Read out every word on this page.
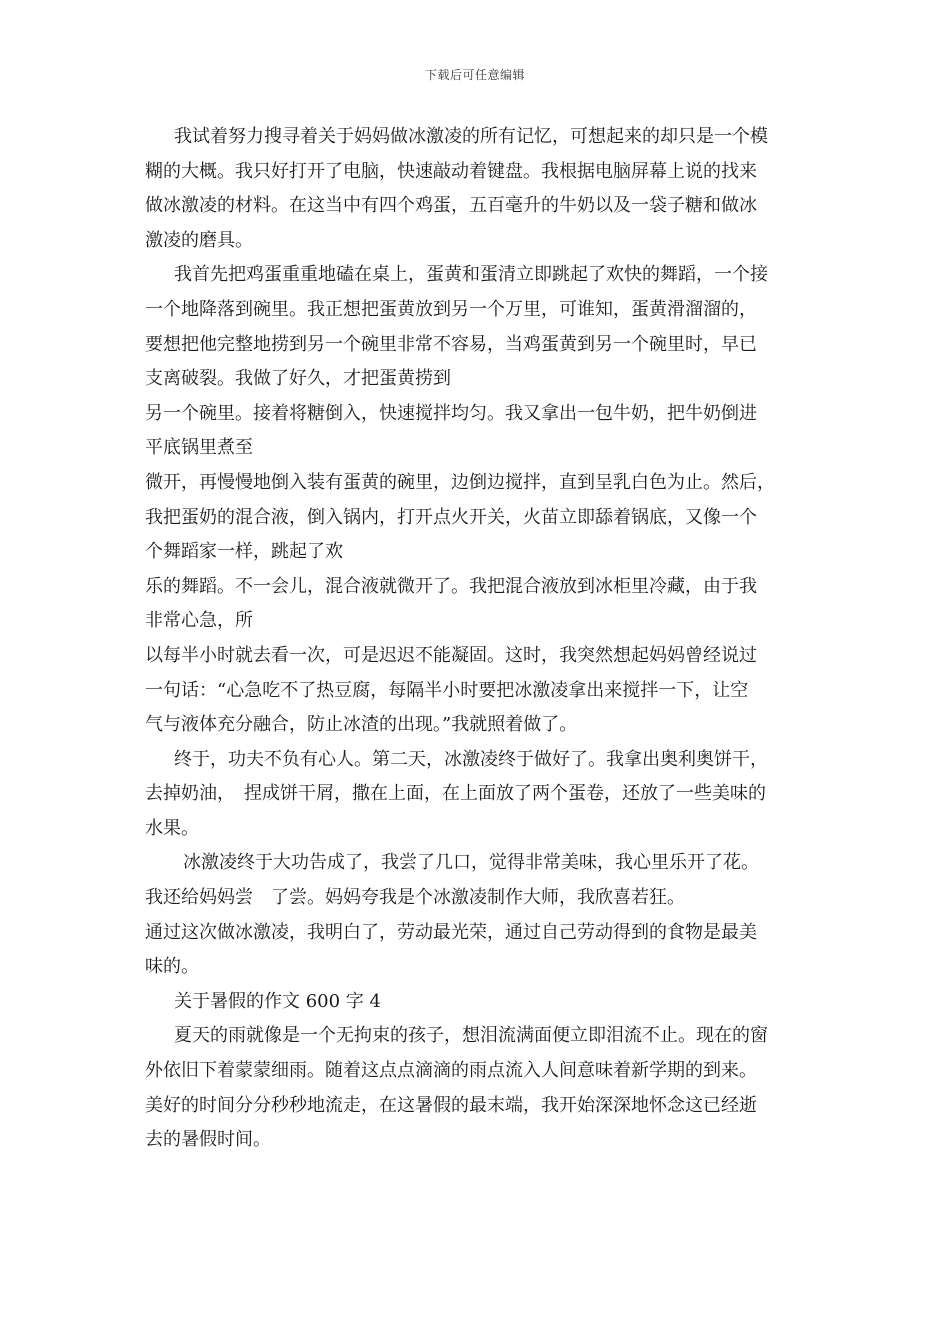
下载后可任意编辑
我试着努力搜寻着关于妈妈做冰激凌的所有记忆，可想起来的却只是一个模
糊的大概。我只好打开了电脑，快速敲动着键盘。我根据电脑屏幕上说的找来
做冰激凌的材料。在这当中有四个鸡蛋，五百毫升的牛奶以及一袋子糖和做冰
激凌的磨具。
我首先把鸡蛋重重地磕在桌上，蛋黄和蛋清立即跳起了欢快的舞蹈，一个接
一个地降落到碗里。我正想把蛋黄放到另一个万里，可谁知，蛋黄滑溜溜的，
要想把他完整地捞到另一个碗里非常不容易，当鸡蛋黄到另一个碗里时，早已
支离破裂。我做了好久，才把蛋黄捞到
另一个碗里。接着将糖倒入，快速搅拌均匀。我又拿出一包牛奶，把牛奶倒进
平底锅里煮至
微开，再慢慢地倒入装有蛋黄的碗里，边倒边搅拌，直到呈乳白色为止。然后，
我把蛋奶的混合液，倒入锅内，打开点火开关，火苗立即舔着锅底，又像一个
个舞蹈家一样，跳起了欢
乐的舞蹈。不一会儿，混合液就微开了。我把混合液放到冰柜里冷藏，由于我
非常心急，所
以每半小时就去看一次，可是迟迟不能凝固。这时，我突然想起妈妈曾经说过
一句话：“心急吃不了热豆腐，每隔半小时要把冰激凌拿出来搅拌一下，让空
气与液体充分融合，防止冰渣的出现。”我就照着做了。
终于，功夫不负有心人。第二天，冰激凌终于做好了。我拿出奥利奥饼干，
去掉奶油，　捏成饼干屑，撒在上面，在上面放了两个蛋卷，还放了一些美味的
水果。
冰激凌终于大功告成了，我尝了几口，觉得非常美味，我心里乐开了花。
我还给妈妈尝　了尝。妈妈夸我是个冰激凌制作大师，我欣喜若狂。
通过这次做冰激凌，我明白了，劳动最光荣，通过自己劳动得到的食物是最美
味的。
关于暑假的作文 600 字 4
夏天的雨就像是一个无拘束的孩子，想泪流满面便立即泪流不止。现在的窗
外依旧下着蒙蒙细雨。随着这点点滴滴的雨点流入人间意味着新学期的到来。
美好的时间分分秒秒地流走，在这暑假的最末端，我开始深深地怀念这已经逝
去的暑假时间。
